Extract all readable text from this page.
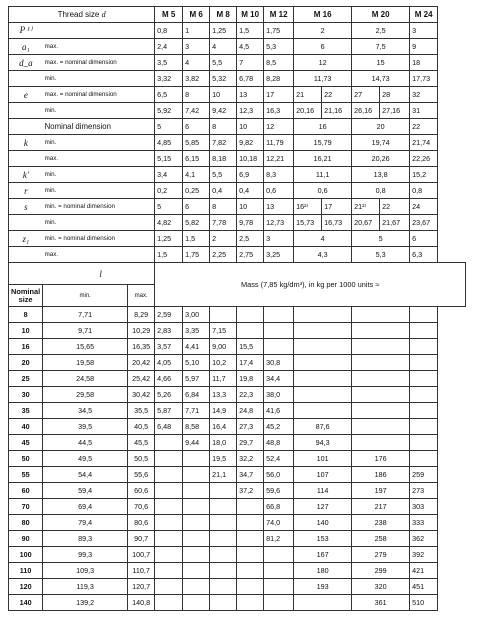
Thread size d			M 5	M 6	M 8	M 10	M 12	M 16		M 20		M 24
P ¹⁾			0,8	1	1,25	1,5	1,75	2		2,5		3
a₁	max.		2,4	3	4	4,5	5,3	6		7,5		9
d_a	max. = nominal dimension		3,5	4	5,5	7	8,5	12		15		18
	min.		3,32	3,82	5,32	6,78	8,28	11,73		14,73		17,73
e	max. = nominal dimension		6,5	8	10	13	17	21	22	27	28	32
	min.		5,92	7,42	9,42	12,3	16,3	20,16	21,16	26,16	27,16	31
	Nominal dimension		5	6	8	10	12	16		20		22
k	min.		4,85	5,85	7,82	9,82	11,79	15,79		19,74		21,74
	max.		5,15	6,15	8,18	10,18	12,21	16,21		20,26		22,26
k′	min.		3,4	4,1	5,5	6,9	8,3	11,1		13,8		15,2
r	min.		0,2	0,25	0,4	0,4	0,6	0,6		0,8		0,8
s	min. = nominal dimension		5	6	8	10	13	16²⁾	17	21²⁾	22	24
	min.		4,82	5,82	7,78	9,78	12,73	15,73	16,73	20,67	21,67	23,67
z₁	min. = nominal dimension		1,25	1,5	2	2,5	3	4		5		6
	max.		1,5	1,75	2,25	2,75	3,25	4,3		5,3		6,3
l			Mass (7,85 kg/dm³), in kg per 1000 units ≈									
Nominal size	min.	max.										
8	7,71	8,29	2,59	3,00								
10	9,71	10,29	2,83	3,35	7,15							
16	15,65	16,35	3,57	4,41	9,00	15,5						
20	19,58	20,42	4,05	5,10	10,2	17,4	30,8					
25	24,58	25,42	4,66	5,97	11,7	19,8	34,4					
30	29,58	30,42	5,26	6,84	13,3	22,3	38,0					
35	34,5	35,5	5,87	7,71	14,9	24,8	41,6					
40	39,5	40,5	6,48	8,58	16,4	27,3	45,2	87,6				
45	44,5	45,5		9,44	18,0	29,7	48,8	94,3				
50	49,5	50,5			19,5	32,2	52,4	101		176		
55	54,4	55,6			21,1	34,7	56,0	107		186		259
60	59,4	60,6				37,2	59,6	114		197		273
70	69,4	70,6					66,8	127		217		303
80	79,4	80,6					74,0	140		238		333
90	89,3	90,7					81,2	153		258		362
100	99,3	100,7						167		279		392
110	109,3	110,7						180		299		421
120	119,3	120,7						193		320		451
140	139,2	140,8								361		510
